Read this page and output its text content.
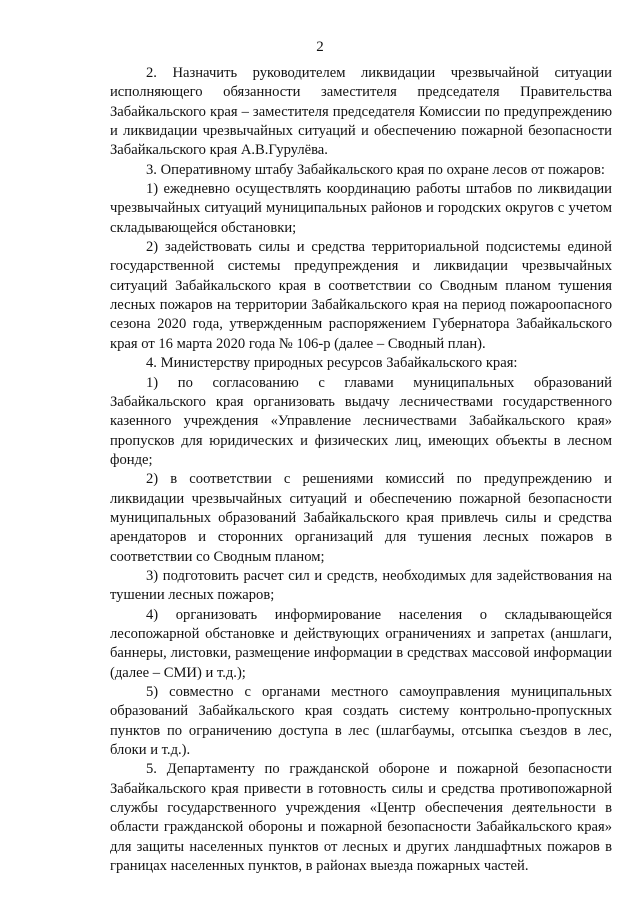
2

2. Назначить руководителем ликвидации чрезвычайной ситуации исполняющего обязанности заместителя председателя Правительства Забайкальского края – заместителя председателя Комиссии по предупреждению и ликвидации чрезвычайных ситуаций и обеспечению пожарной безопасности Забайкальского края А.В.Гурулёва.

3. Оперативному штабу Забайкальского края по охране лесов от пожаров:

1) ежедневно осуществлять координацию работы штабов по ликвидации чрезвычайных ситуаций муниципальных районов и городских округов с учетом складывающейся обстановки;

2) задействовать силы и средства территориальной подсистемы единой государственной системы предупреждения и ликвидации чрезвычайных ситуаций Забайкальского края в соответствии со Сводным планом тушения лесных пожаров на территории Забайкальского края на период пожароопасного сезона 2020 года, утвержденным распоряжением Губернатора Забайкальского края от 16 марта 2020 года № 106-р (далее – Сводный план).

4. Министерству природных ресурсов Забайкальского края:

1) по согласованию с главами муниципальных образований Забайкальского края организовать выдачу лесничествами государственного казенного учреждения «Управление лесничествами Забайкальского края» пропусков для юридических и физических лиц, имеющих объекты в лесном фонде;

2) в соответствии с решениями комиссий по предупреждению и ликвидации чрезвычайных ситуаций и обеспечению пожарной безопасности муниципальных образований Забайкальского края привлечь силы и средства арендаторов и сторонних организаций для тушения лесных пожаров в соответствии со Сводным планом;

3) подготовить расчет сил и средств, необходимых для задействования на тушении лесных пожаров;

4) организовать информирование населения о складывающейся лесопожарной обстановке и действующих ограничениях и запретах (аншлаги, баннеры, листовки, размещение информации в средствах массовой информации (далее – СМИ) и т.д.);

5) совместно с органами местного самоуправления муниципальных образований Забайкальского края создать систему контрольно-пропускных пунктов по ограничению доступа в лес (шлагбаумы, отсыпка съездов в лес, блоки и т.д.).

5. Департаменту по гражданской обороне и пожарной безопасности Забайкальского края привести в готовность силы и средства противопожарной службы государственного учреждения «Центр обеспечения деятельности в области гражданской обороны и пожарной безопасности Забайкальского края» для защиты населенных пунктов от лесных и других ландшафтных пожаров в границах населенных пунктов, в районах выезда пожарных частей.
